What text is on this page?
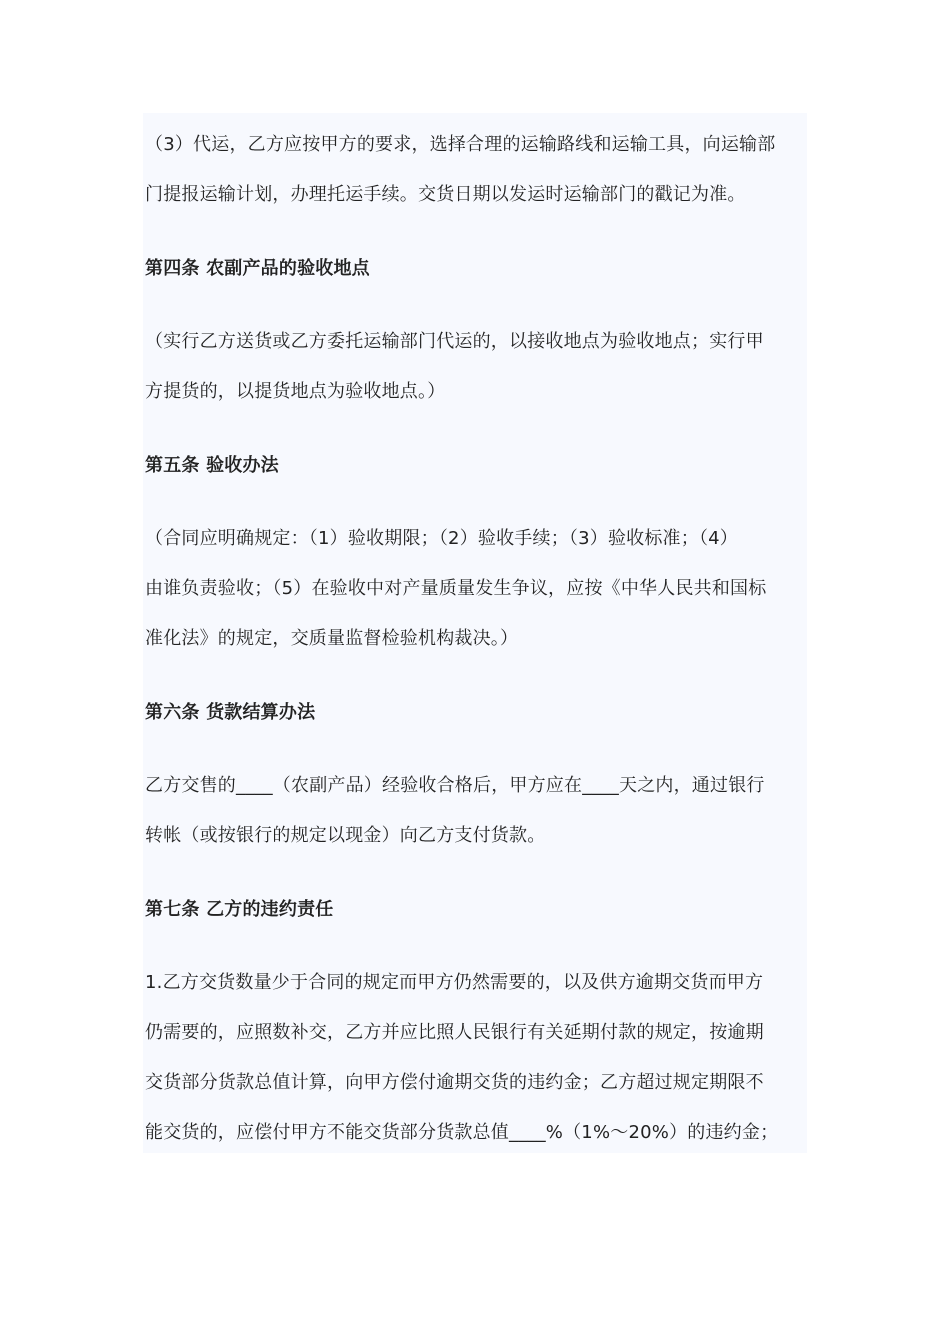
（3）代运，乙方应按甲方的要求，选择合理的运输路线和运输工具，向运输部
门提报运输计划，办理托运手续。交货日期以发运时运输部门的戳记为准。
第四条 农副产品的验收地点
（实行乙方送货或乙方委托运输部门代运的，以接收地点为验收地点；实行甲
方提货的，以提货地点为验收地点。）
第五条 验收办法
（合同应明确规定：（1）验收期限；（2）验收手续；（3）验收标准；（4）
由谁负责验收；（5）在验收中对产量质量发生争议，应按《中华人民共和国标
准化法》的规定，交质量监督检验机构裁决。）
第六条 货款结算办法
乙方交售的____（农副产品）经验收合格后，甲方应在____天之内，通过银行
转帐（或按银行的规定以现金）向乙方支付货款。
第七条 乙方的违约责任
1.乙方交货数量少于合同的规定而甲方仍然需要的，以及供方逾期交货而甲方
仍需要的，应照数补交，乙方并应比照人民银行有关延期付款的规定，按逾期
交货部分货款总值计算，向甲方偿付逾期交货的违约金；乙方超过规定期限不
能交货的，应偿付甲方不能交货部分货款总值____%（1%～20%）的违约金；
